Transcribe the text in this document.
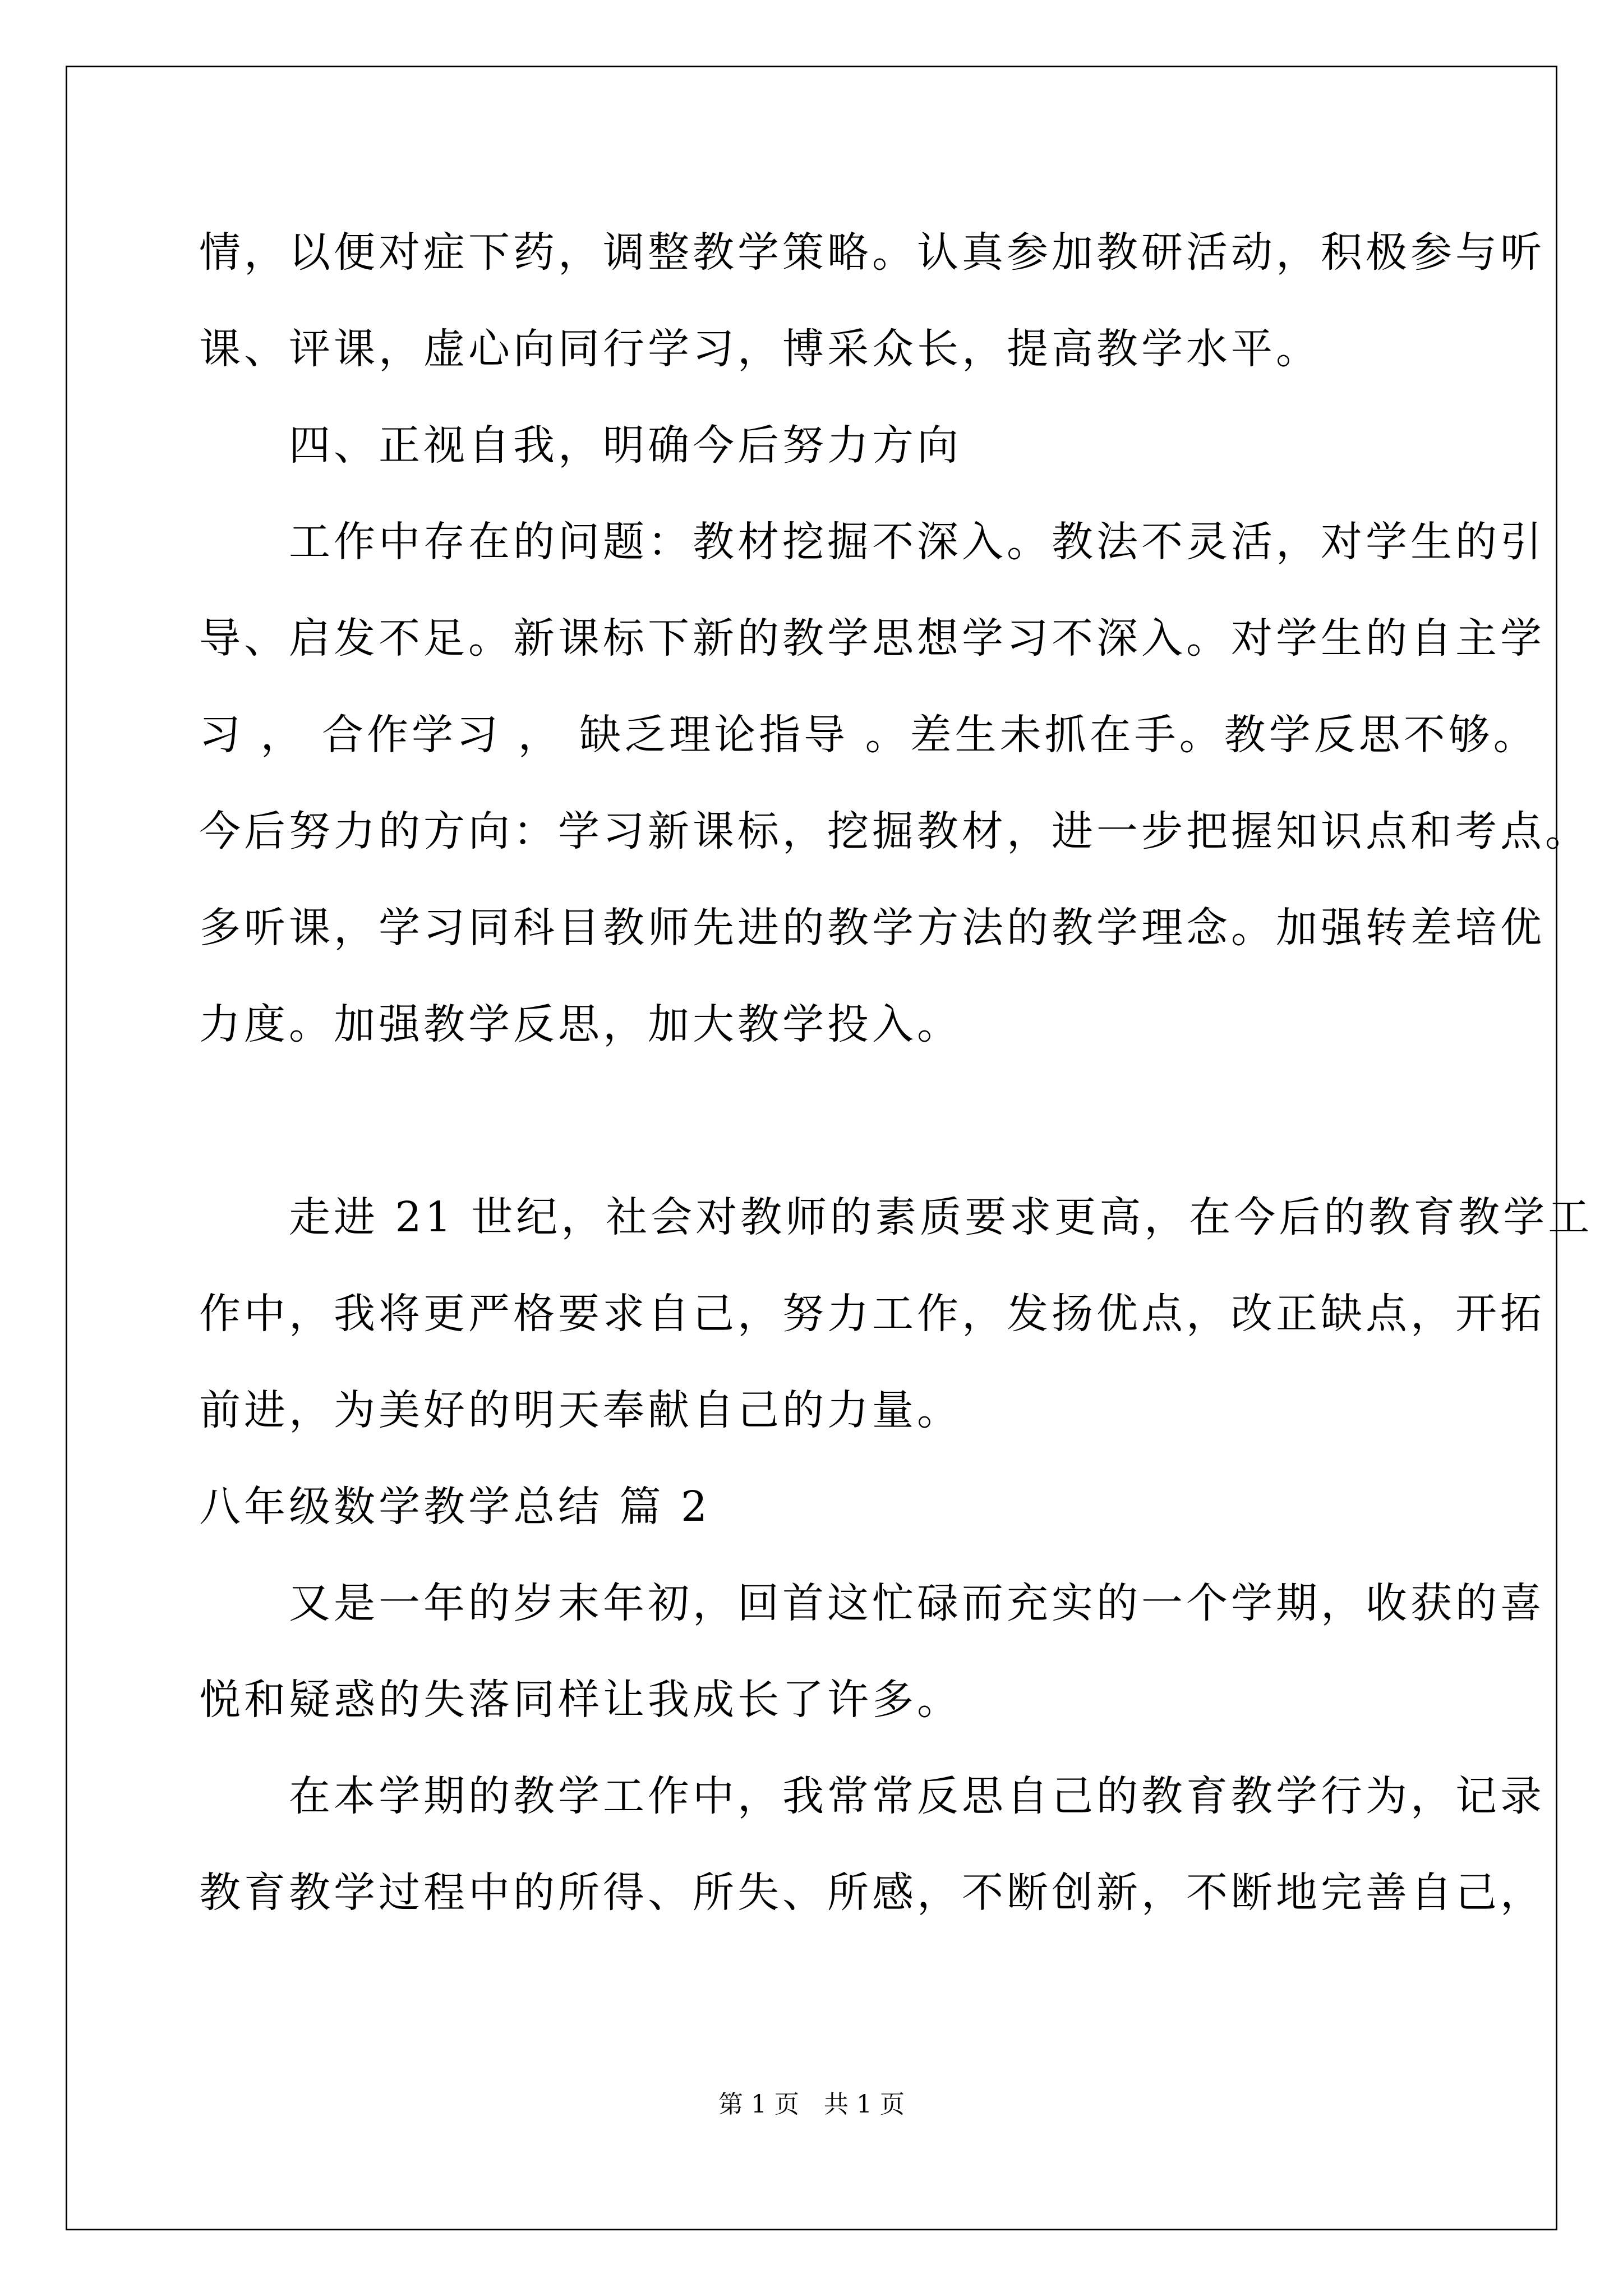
情，以便对症下药，调整教学策略。认真参加教研活动，积极参与听
课、评课，虚心向同行学习，博采众长，提高教学水平。
　　四、正视自我，明确今后努力方向
　　工作中存在的问题：教材挖掘不深入。教法不灵活，对学生的引
导、启发不足。新课标下新的教学思想学习不深入。对学生的自主学
习 ， 合作学习 ， 缺乏理论指导 。差生未抓在手。教学反思不够。
今后努力的方向：学习新课标，挖掘教材，进一步把握知识点和考点。
多听课，学习同科目教师先进的教学方法的教学理念。加强转差培优
力度。加强教学反思，加大教学投入。
　　走进 21 世纪，社会对教师的素质要求更高，在今后的教育教学工
作中，我将更严格要求自己，努力工作，发扬优点，改正缺点，开拓
前进，为美好的明天奉献自己的力量。
八年级数学教学总结 篇 2
　　又是一年的岁末年初，回首这忙碌而充实的一个学期，收获的喜
悦和疑惑的失落同样让我成长了许多。
　　在本学期的教学工作中，我常常反思自己的教育教学行为，记录
教育教学过程中的所得、所失、所感，不断创新，不断地完善自己，
第 1 页　共 1 页
